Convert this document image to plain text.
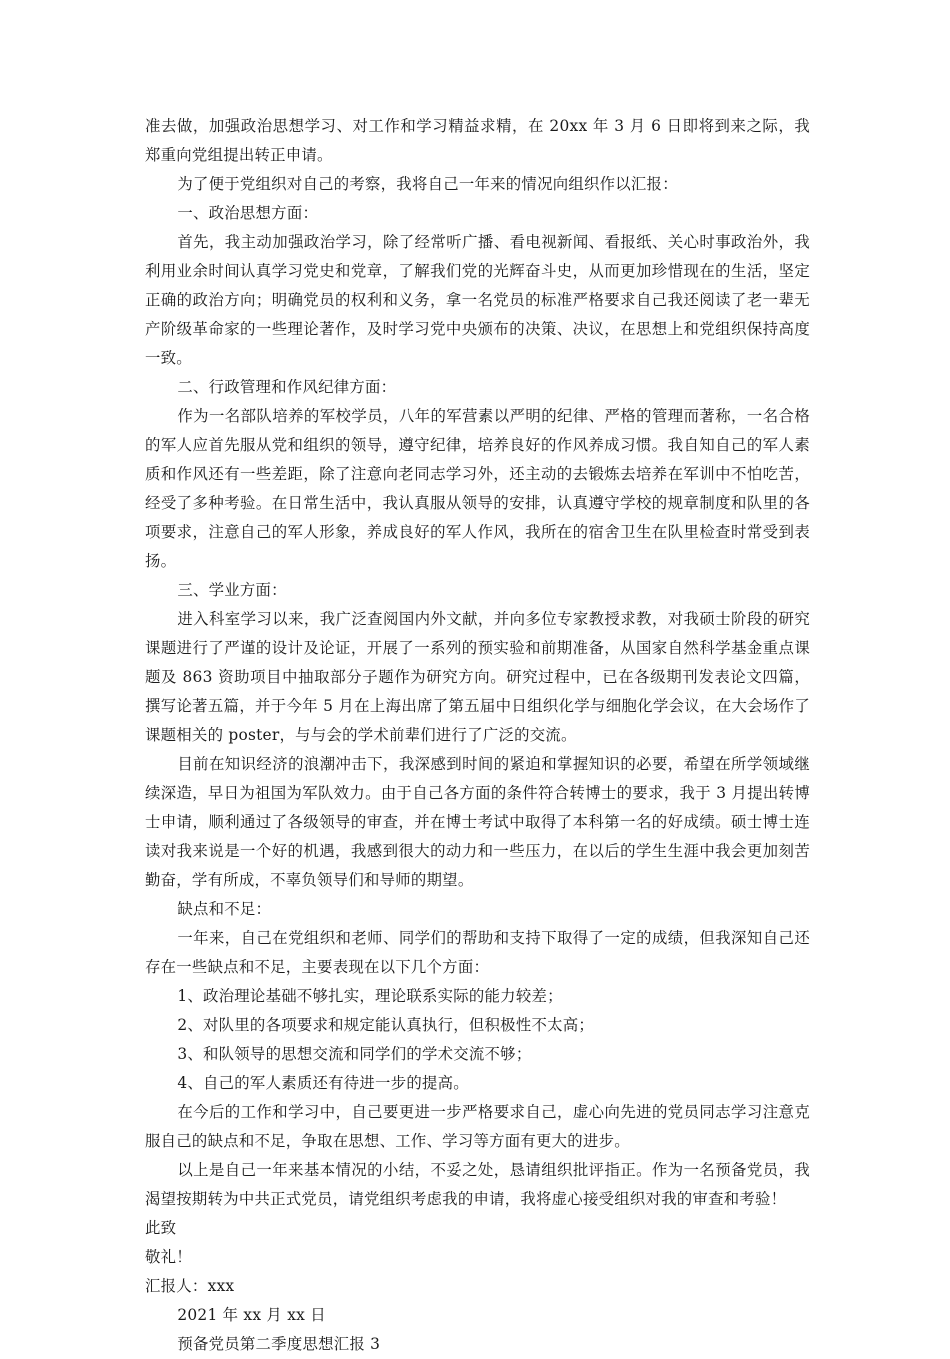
准去做，加强政治思想学习、对工作和学习精益求精，在 20xx 年 3 月 6 日即将到来之际，我郑重向党组提出转正申请。

为了便于党组织对自己的考察，我将自己一年来的情况向组织作以汇报：

一、政治思想方面：

首先，我主动加强政治学习，除了经常听广播、看电视新闻、看报纸、关心时事政治外，我利用业余时间认真学习党史和党章，了解我们党的光辉奋斗史，从而更加珍惜现在的生活，坚定正确的政治方向；明确党员的权利和义务，拿一名党员的标准严格要求自己我还阅读了老一辈无产阶级革命家的一些理论著作，及时学习党中央颁布的决策、决议，在思想上和党组织保持高度一致。

二、行政管理和作风纪律方面：

作为一名部队培养的军校学员，八年的军营素以严明的纪律、严格的管理而著称，一名合格的军人应首先服从党和组织的领导，遵守纪律，培养良好的作风养成习惯。我自知自己的军人素质和作风还有一些差距，除了注意向老同志学习外，还主动的去锻炼去培养在军训中不怕吃苦，经受了多种考验。在日常生活中，我认真服从领导的安排，认真遵守学校的规章制度和队里的各项要求，注意自己的军人形象，养成良好的军人作风，我所在的宿舍卫生在队里检查时常受到表扬。

三、学业方面：

进入科室学习以来，我广泛查阅国内外文献，并向多位专家教授求教，对我硕士阶段的研究课题进行了严谨的设计及论证，开展了一系列的预实验和前期准备，从国家自然科学基金重点课题及 863 资助项目中抽取部分子题作为研究方向。研究过程中，已在各级期刊发表论文四篇，撰写论著五篇，并于今年 5 月在上海出席了第五届中日组织化学与细胞化学会议，在大会场作了课题相关的 poster，与与会的学术前辈们进行了广泛的交流。

目前在知识经济的浪潮冲击下，我深感到时间的紧迫和掌握知识的必要，希望在所学领域继续深造，早日为祖国为军队效力。由于自己各方面的条件符合转博士的要求，我于 3 月提出转博士申请，顺利通过了各级领导的审查，并在博士考试中取得了本科第一名的好成绩。硕士博士连读对我来说是一个好的机遇，我感到很大的动力和一些压力，在以后的学生生涯中我会更加刻苦勤奋，学有所成，不辜负领导们和导师的期望。

缺点和不足：

一年来，自己在党组织和老师、同学们的帮助和支持下取得了一定的成绩，但我深知自己还存在一些缺点和不足，主要表现在以下几个方面：

1、政治理论基础不够扎实，理论联系实际的能力较差；

2、对队里的各项要求和规定能认真执行，但积极性不太高；

3、和队领导的思想交流和同学们的学术交流不够；

4、自己的军人素质还有待进一步的提高。

在今后的工作和学习中，自己要更进一步严格要求自己，虚心向先进的党员同志学习注意克服自己的缺点和不足，争取在思想、工作、学习等方面有更大的进步。

以上是自己一年来基本情况的小结，不妥之处，恳请组织批评指正。作为一名预备党员，我渴望按期转为中共正式党员，请党组织考虑我的申请，我将虚心接受组织对我的审查和考验！

此致

敬礼！

汇报人：xxx

2021 年 xx 月 xx 日

预备党员第二季度思想汇报 3
